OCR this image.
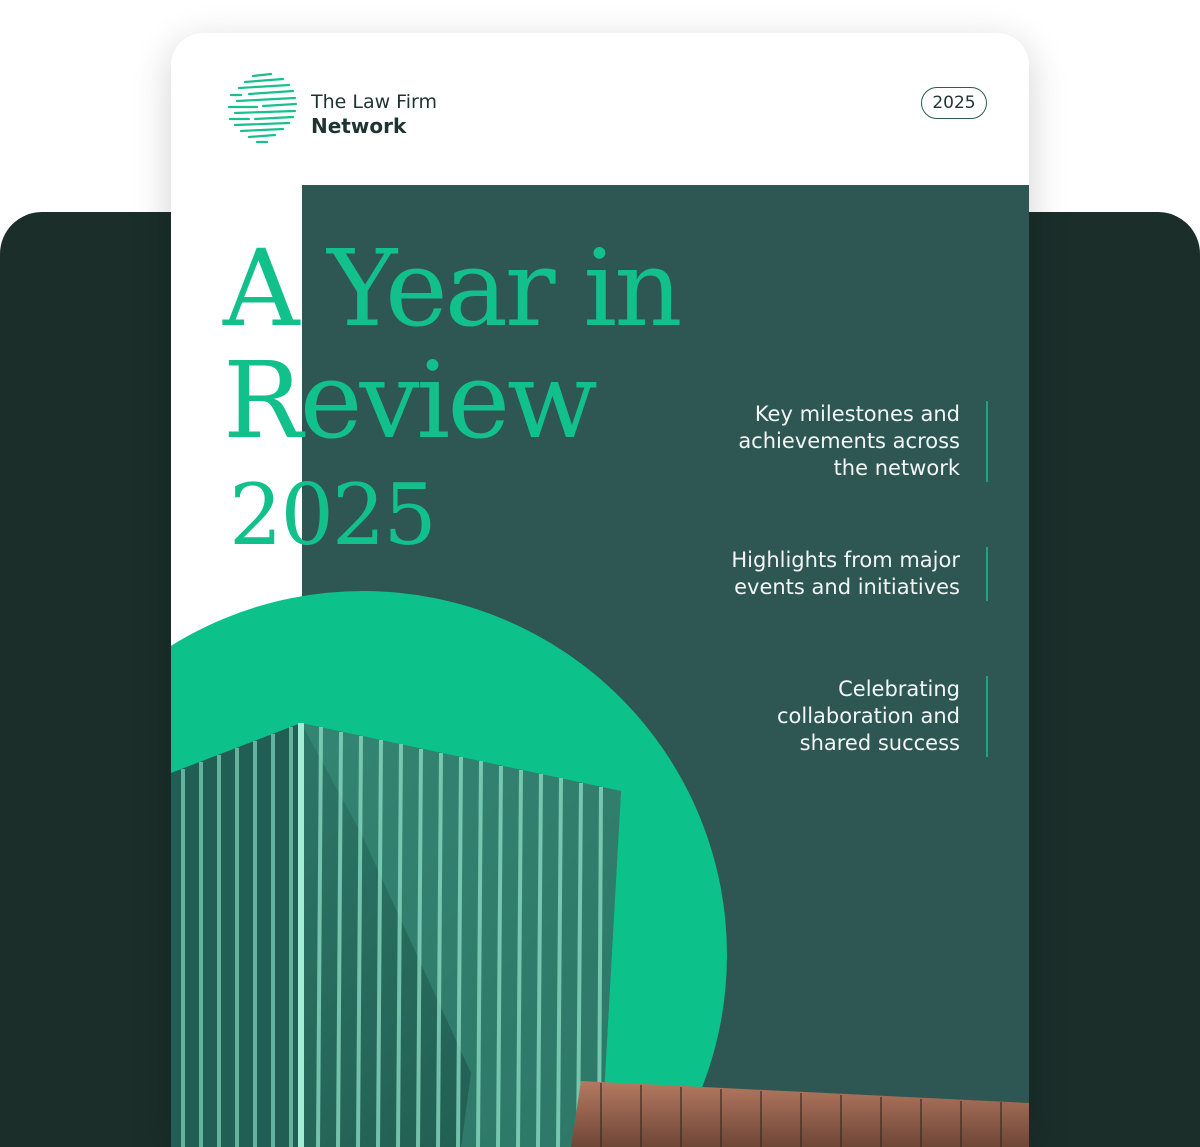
The Law Firm
Network
2025
A Year in
Review
2025
Key milestones and
achievements across
the network
Highlights from major
events and initiatives
Celebrating
collaboration and
shared success
